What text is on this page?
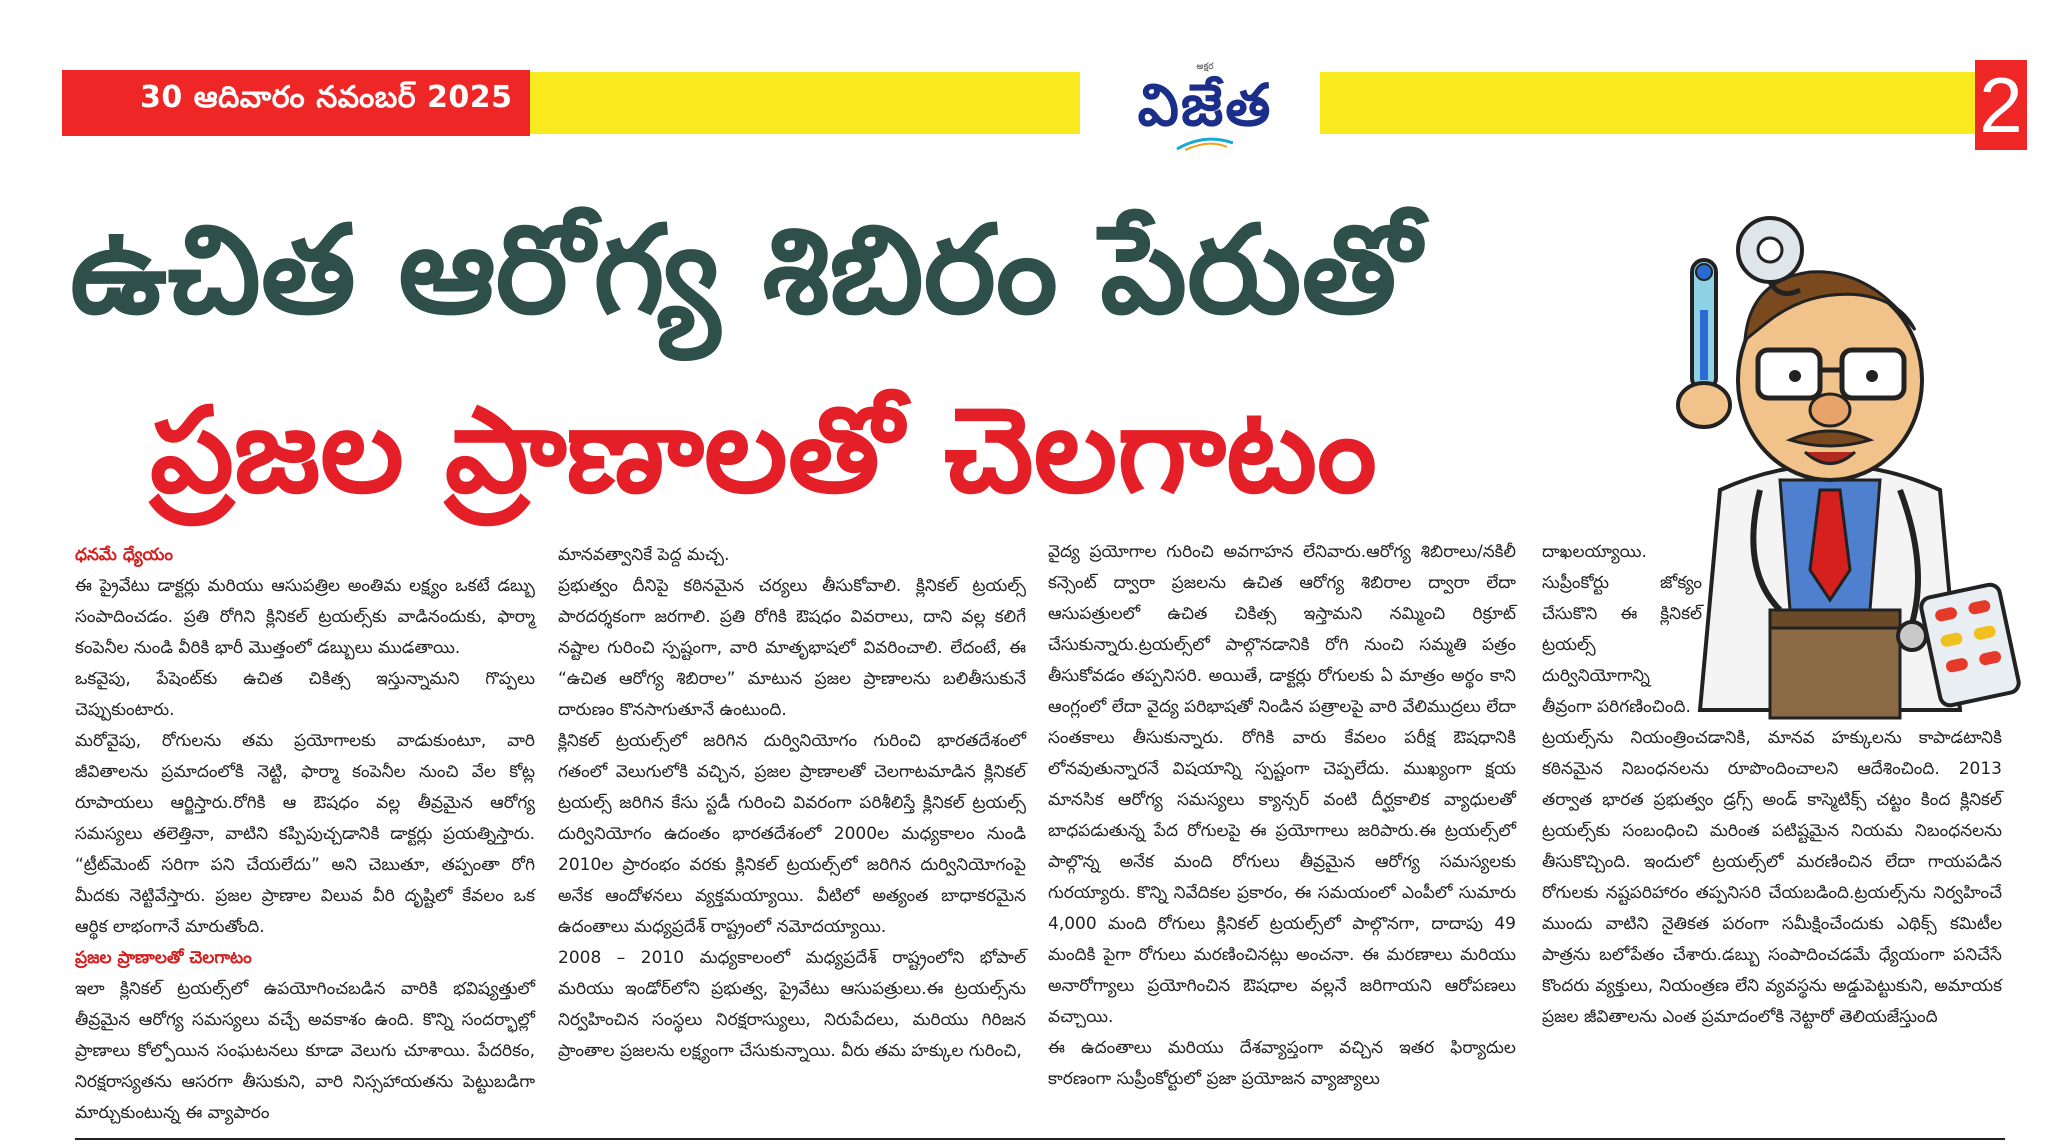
30 ఆదివారం నవంబర్ 2025
అక్షర
విజేత	2
ఉచిత ఆరోగ్య శిబిరం పేరుతో
ప్రజల ప్రాణాలతో చెలగాటం

ధనమే ధ్యేయం

ఈ ప్రైవేటు డాక్టర్లు మరియు ఆసుపత్రిల అంతిమ లక్ష్యం ఒకటే డబ్బు సంపాదించడం. ప్రతి రోగిని క్లినికల్ ట్రయల్స్‌కు వాడినందుకు, ఫార్మా కంపెనీల నుండి వీరికి భారీ మొత్తంలో డబ్బులు ముడతాయి.

ఒకవైపు, పేషెంట్‌కు ఉచిత చికిత్స ఇస్తున్నామని గొప్పలు చెప్పుకుంటారు.

మరోవైపు, రోగులను తమ ప్రయోగాలకు వాడుకుంటూ, వారి జీవితాలను ప్రమాదంలోకి నెట్టి, ఫార్మా కంపెనీల నుంచి వేల కోట్ల రూపాయలు ఆర్జిస్తారు.రోగికి ఆ ఔషధం వల్ల తీవ్రమైన ఆరోగ్య సమస్యలు తలెత్తినా, వాటిని కప్పిపుచ్చడానికి డాక్టర్లు ప్రయత్నిస్తారు. “ట్రీట్‌మెంట్ సరిగా పని చేయలేదు” అని చెబుతూ, తప్పంతా రోగి మీదకు నెట్టివేస్తారు. ప్రజల ప్రాణాల విలువ వీరి దృష్టిలో కేవలం ఒక ఆర్థిక లాభంగానే మారుతోంది.

ప్రజల ప్రాణాలతో చెలగాటం

ఇలా క్లినికల్ ట్రయల్స్‌లో ఉపయోగించబడిన వారికి భవిష్యత్తులో తీవ్రమైన ఆరోగ్య సమస్యలు వచ్చే అవకాశం ఉంది. కొన్ని సందర్భాల్లో ప్రాణాలు కోల్పోయిన సంఘటనలు కూడా వెలుగు చూశాయి. పేదరికం, నిరక్షరాస్యతను ఆసరగా తీసుకుని, వారి నిస్సహాయతను పెట్టుబడిగా మార్చుకుంటున్న ఈ వ్యాపారం

మానవత్వానికే పెద్ద మచ్చ.

ప్రభుత్వం దీనిపై కఠినమైన చర్యలు తీసుకోవాలి. క్లినికల్ ట్రయల్స్ పారదర్శకంగా జరగాలి. ప్రతి రోగికి ఔషధం వివరాలు, దాని వల్ల కలిగే నష్టాల గురించి స్పష్టంగా, వారి మాతృభాషలో వివరించాలి. లేదంటే, ఈ “ఉచిత ఆరోగ్య శిబిరాల” మాటున ప్రజల ప్రాణాలను బలితీసుకునే దారుణం కొనసాగుతూనే ఉంటుంది.

క్లినికల్ ట్రయల్స్‌లో జరిగిన దుర్వినియోగం గురించి భారతదేశంలో గతంలో వెలుగులోకి వచ్చిన, ప్రజల ప్రాణాలతో చెలగాటమాడిన క్లినికల్ ట్రయల్స్ జరిగిన కేసు స్టడీ గురించి వివరంగా పరిశీలిస్తే క్లినికల్ ట్రయల్స్ దుర్వినియోగం ఉదంతం భారతదేశంలో 2000ల మధ్యకాలం నుండి 2010ల ప్రారంభం వరకు క్లినికల్ ట్రయల్స్‌లో జరిగిన దుర్వినియోగంపై అనేక ఆందోళనలు వ్యక్తమయ్యాయి. వీటిలో అత్యంత బాధాకరమైన ఉదంతాలు మధ్యప్రదేశ్ రాష్ట్రంలో నమోదయ్యాయి.

2008 – 2010 మధ్యకాలంలో మధ్యప్రదేశ్ రాష్ట్రంలోని భోపాల్ మరియు ఇండోర్‌లోని ప్రభుత్వ, ప్రైవేటు ఆసుపత్రులు.ఈ ట్రయల్స్‌ను నిర్వహించిన సంస్థలు నిరక్షరాస్యులు, నిరుపేదలు, మరియు గిరిజన ప్రాంతాల ప్రజలను లక్ష్యంగా చేసుకున్నాయి. వీరు తమ హక్కుల గురించి,

వైద్య ప్రయోగాల గురించి అవగాహన లేనివారు.ఆరోగ్య శిబిరాలు/నకిలీ కన్సెంట్ ద్వారా ప్రజలను ఉచిత ఆరోగ్య శిబిరాల ద్వారా లేదా ఆసుపత్రులలో ఉచిత చికిత్స ఇస్తామని నమ్మించి రిక్రూట్ చేసుకున్నారు.ట్రయల్స్‌లో పాల్గొనడానికి రోగి నుంచి సమ్మతి పత్రం తీసుకోవడం తప్పనిసరి. అయితే, డాక్టర్లు రోగులకు ఏ మాత్రం అర్థం కాని ఆంగ్లంలో లేదా వైద్య పరిభాషతో నిండిన పత్రాలపై వారి వేలిముద్రలు లేదా సంతకాలు తీసుకున్నారు. రోగికి వారు కేవలం పరీక్ష ఔషధానికి లోనవుతున్నారనే విషయాన్ని స్పష్టంగా చెప్పలేదు. ముఖ్యంగా క్షయ మానసిక ఆరోగ్య సమస్యలు క్యాన్సర్ వంటి దీర్ఘకాలిక వ్యాధులతో బాధపడుతున్న పేద రోగులపై ఈ ప్రయోగాలు జరిపారు.ఈ ట్రయల్స్‌లో పాల్గొన్న అనేక మంది రోగులు తీవ్రమైన ఆరోగ్య సమస్యలకు గురయ్యారు. కొన్ని నివేదికల ప్రకారం, ఈ సమయంలో ఎంపీలో సుమారు 4,000 మంది రోగులు క్లినికల్ ట్రయల్స్‌లో పాల్గొనగా, దాదాపు 49 మందికి పైగా రోగులు మరణించినట్లు అంచనా. ఈ మరణాలు మరియు అనారోగ్యాలు ప్రయోగించిన ఔషధాల వల్లనే జరిగాయని ఆరోపణలు వచ్చాయి.

ఈ ఉదంతాలు మరియు దేశవ్యాప్తంగా వచ్చిన ఇతర ఫిర్యాదుల కారణంగా సుప్రీంకోర్టులో ప్రజా ప్రయోజన వ్యాజ్యాలు

దాఖలయ్యాయి. సుప్రీంకోర్టు జోక్యం చేసుకొని ఈ క్లినికల్ ట్రయల్స్ దుర్వినియోగాన్ని తీవ్రంగా పరిగణించింది.

ట్రయల్స్‌ను నియంత్రించడానికి, మానవ హక్కులను కాపాడటానికి కఠినమైన నిబంధనలను రూపొందించాలని ఆదేశించింది. 2013 తర్వాత భారత ప్రభుత్వం డ్రగ్స్ అండ్ కాస్మెటిక్స్ చట్టం కింద క్లినికల్ ట్రయల్స్‌కు సంబంధించి మరింత పటిష్టమైన నియమ నిబంధనలను తీసుకొచ్చింది. ఇందులో ట్రయల్స్‌లో మరణించిన లేదా గాయపడిన రోగులకు నష్టపరిహారం తప్పనిసరి చేయబడింది.ట్రయల్స్‌ను నిర్వహించే ముందు వాటిని నైతికత పరంగా సమీక్షించేందుకు ఎథిక్స్ కమిటీల పాత్రను బలోపేతం చేశారు.డబ్బు సంపాదించడమే ధ్యేయంగా పనిచేసే కొందరు వ్యక్తులు, నియంత్రణ లేని వ్యవస్థను అడ్డుపెట్టుకుని, అమాయక ప్రజల జీవితాలను ఎంత ప్రమాదంలోకి నెట్టారో తెలియజేస్తుంది
